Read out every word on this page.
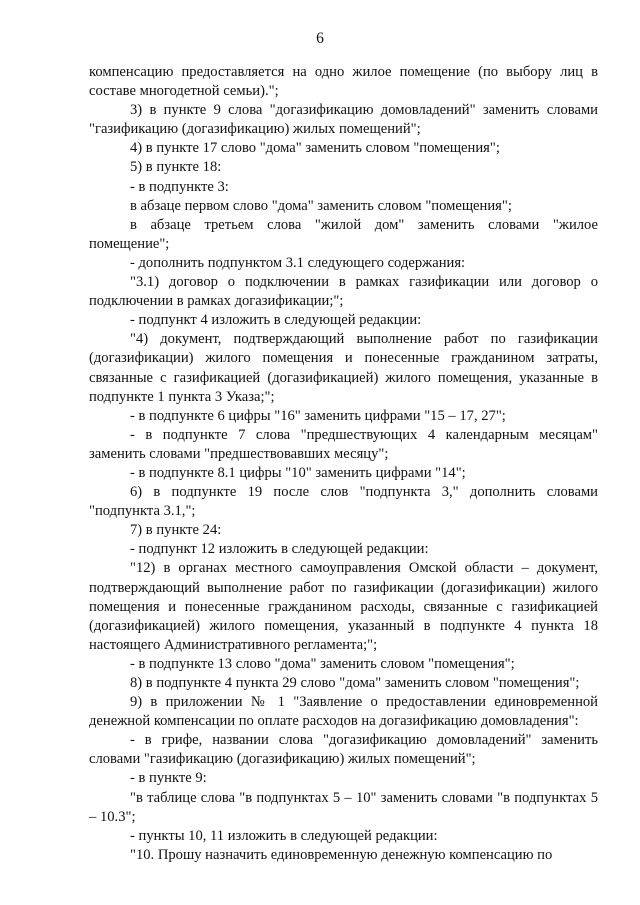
6

компенсацию предоставляется на одно жилое помещение (по выбору лиц в составе многодетной семьи).";

3) в пункте 9 слова "догазификацию домовладений" заменить словами "газификацию (догазификацию) жилых помещений";

4) в пункте 17 слово "дома" заменить словом "помещения";

5) в пункте 18:

- в подпункте 3:

в абзаце первом слово "дома" заменить словом "помещения";

в абзаце третьем слова "жилой дом" заменить словами "жилое помещение";

- дополнить подпунктом 3.1 следующего содержания:

"3.1) договор о подключении в рамках газификации или договор о подключении в рамках догазификации;";

- подпункт 4 изложить в следующей редакции:

"4) документ, подтверждающий выполнение работ по газификации (догазификации) жилого помещения и понесенные гражданином затраты, связанные с газификацией (догазификацией) жилого помещения, указанные в подпункте 1 пункта 3 Указа;";

- в подпункте 6 цифры "16" заменить цифрами "15 – 17, 27";

- в подпункте 7 слова "предшествующих 4 календарным месяцам" заменить словами "предшествовавших месяцу";

- в подпункте 8.1 цифры "10" заменить цифрами "14";

6) в подпункте 19 после слов "подпункта 3," дополнить словами "подпункта 3.1,";

7) в пункте 24:

- подпункт 12 изложить в следующей редакции:

"12) в органах местного самоуправления Омской области – документ, подтверждающий выполнение работ по газификации (догазификации) жилого помещения и понесенные гражданином расходы, связанные с газификацией (догазификацией) жилого помещения, указанный в подпункте 4 пункта 18 настоящего Административного регламента;";

- в подпункте 13 слово "дома" заменить словом "помещения";

8) в подпункте 4 пункта 29 слово "дома" заменить словом "помещения";

9) в приложении № 1 "Заявление о предоставлении единовременной денежной компенсации по оплате расходов на догазификацию домовладения":

- в грифе, названии слова "догазификацию домовладений" заменить словами "газификацию (догазификацию) жилых помещений";

- в пункте 9:

"в таблице слова "в подпунктах 5 – 10" заменить словами "в подпунктах 5 – 10.3";

- пункты 10, 11 изложить в следующей редакции:

"10. Прошу назначить единовременную денежную компенсацию по
